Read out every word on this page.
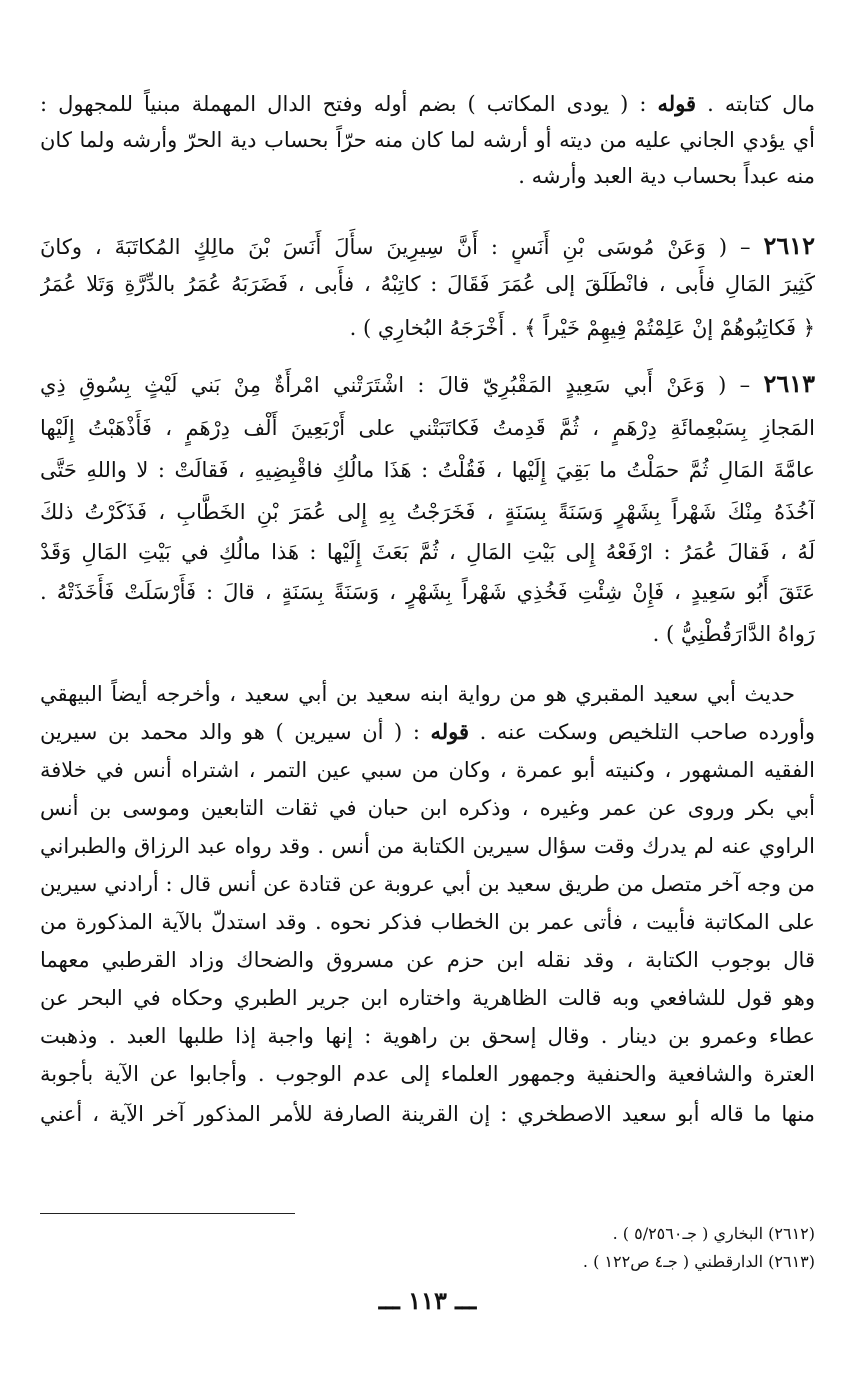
مال كتابته . قوله : ( يودى المكاتب ) بضم أوله وفتح الدال المهملة مبنياً للمجهول :
أي يؤدي الجاني عليه من ديته أو أرشه لما كان منه حرّاً بحساب دية الحرّ وأرشه ولما كان
منه عبداً بحساب دية العبد وأرشه .
٢٦١٢ – ( وَعَنْ مُوسَى بْنِ أَنَسٍ : أَنَّ سِيرِينَ سأَلَ أَنَسَ بْنَ مالِكٍ المُكاتَبَةَ ، وكانَ
كَثِيرَ المَالِ فأَبى ، فانْطَلَقَ إلى عُمَرَ فَقَالَ : كاتِبْهُ ، فأَبى ، فَضَرَبَهُ عُمَرُ بالدِّرَّةِ وَتَلا عُمَرُ
﴿ فَكاتِبُوهُمْ إنْ عَلِمْتُمْ فِيهِمْ خَيْراً ﴾ . أَخْرَجَهُ البُخارِي ) .
٢٦١٣ – ( وَعَنْ أَبي سَعِيدٍ المَقْبُرِيّ قالَ : اشْتَرَتْني امْرأَةٌ مِنْ بَني لَيْثٍ بِسُوقِ ذِي
المَجازِ بِسَبْعِمائَةِ دِرْهَمٍ ، ثُمَّ قَدِمتُ فَكاتَبَتْني على أَرْبَعِينَ أَلْف دِرْهَمٍ ، فَأَذْهَبْتُ إِلَيْها
عامَّةَ المَالِ ثُمَّ حمَلْتُ ما بَقِيَ إِلَيْها ، فَقُلْتُ : هَذَا مالُكِ فاقْبِضِيهِ ، فَقالَتْ : لا واللهِ حَتَّى
آخُذَهُ مِنْكَ شَهْراً بِشَهْرٍ وَسَنَةً بِسَنَةٍ ، فَخَرَجْتُ بِهِ إِلى عُمَرَ بْنِ الخَطَّابِ ، فَذَكَرْتُ ذلكَ
لَهُ ، فَقالَ عُمَرُ : ارْفَعْهُ إِلى بَيْتِ المَالِ ، ثُمَّ بَعَثَ إِلَيْها : هَذا مالُكِ في بَيْتِ المَالِ وَقَدْ
عَتَقَ أَبُو سَعِيدٍ ، فَإِنْ شِئْتِ فَخُذِي شَهْراً بِشَهْرٍ ، وَسَنَةً بِسَنَةٍ ، قالَ : فَأَرْسَلَتْ فَأَخَذَتْهُ .
رَواهُ الدَّارَقُطْنِيُّ ) .
حديث أبي سعيد المقبري هو من رواية ابنه سعيد بن أبي سعيد ، وأخرجه أيضاً البيهقي
وأورده صاحب التلخيص وسكت عنه . قوله : ( أن سيرين ) هو والد محمد بن سيرين
الفقيه المشهور ، وكنيته أبو عمرة ، وكان من سبي عين التمر ، اشتراه أنس في خلافة
أبي بكر وروى عن عمر وغيره ، وذكره ابن حبان في ثقات التابعين وموسى بن أنس
الراوي عنه لم يدرك وقت سؤال سيرين الكتابة من أنس . وقد رواه عبد الرزاق والطبراني
من وجه آخر متصل من طريق سعيد بن أبي عروبة عن قتادة عن أنس قال : أرادني سيرين
على المكاتبة فأبيت ، فأتى عمر بن الخطاب فذكر نحوه . وقد استدلّ بالآية المذكورة من
قال بوجوب الكتابة ، وقد نقله ابن حزم عن مسروق والضحاك وزاد القرطبي معهما
وهو قول للشافعي وبه قالت الظاهرية واختاره ابن جرير الطبري وحكاه في البحر عن
عطاء وعمرو بن دينار . وقال إسحق بن راهوية : إنها واجبة إذا طلبها العبد . وذهبت
العترة والشافعية والحنفية وجمهور العلماء إلى عدم الوجوب . وأجابوا عن الآية بأجوبة
منها ما قاله أبو سعيد الاصطخري : إن القرينة الصارفة للأمر المذكور آخر الآية ، أعني
(٢٦١٢) البخاري ( جـ٥/٢٥٦٠ ) .
(٢٦١٣) الدارقطني ( جـ٤ ص١٢٢ ) .
ـــ ١١٣ ـــ
